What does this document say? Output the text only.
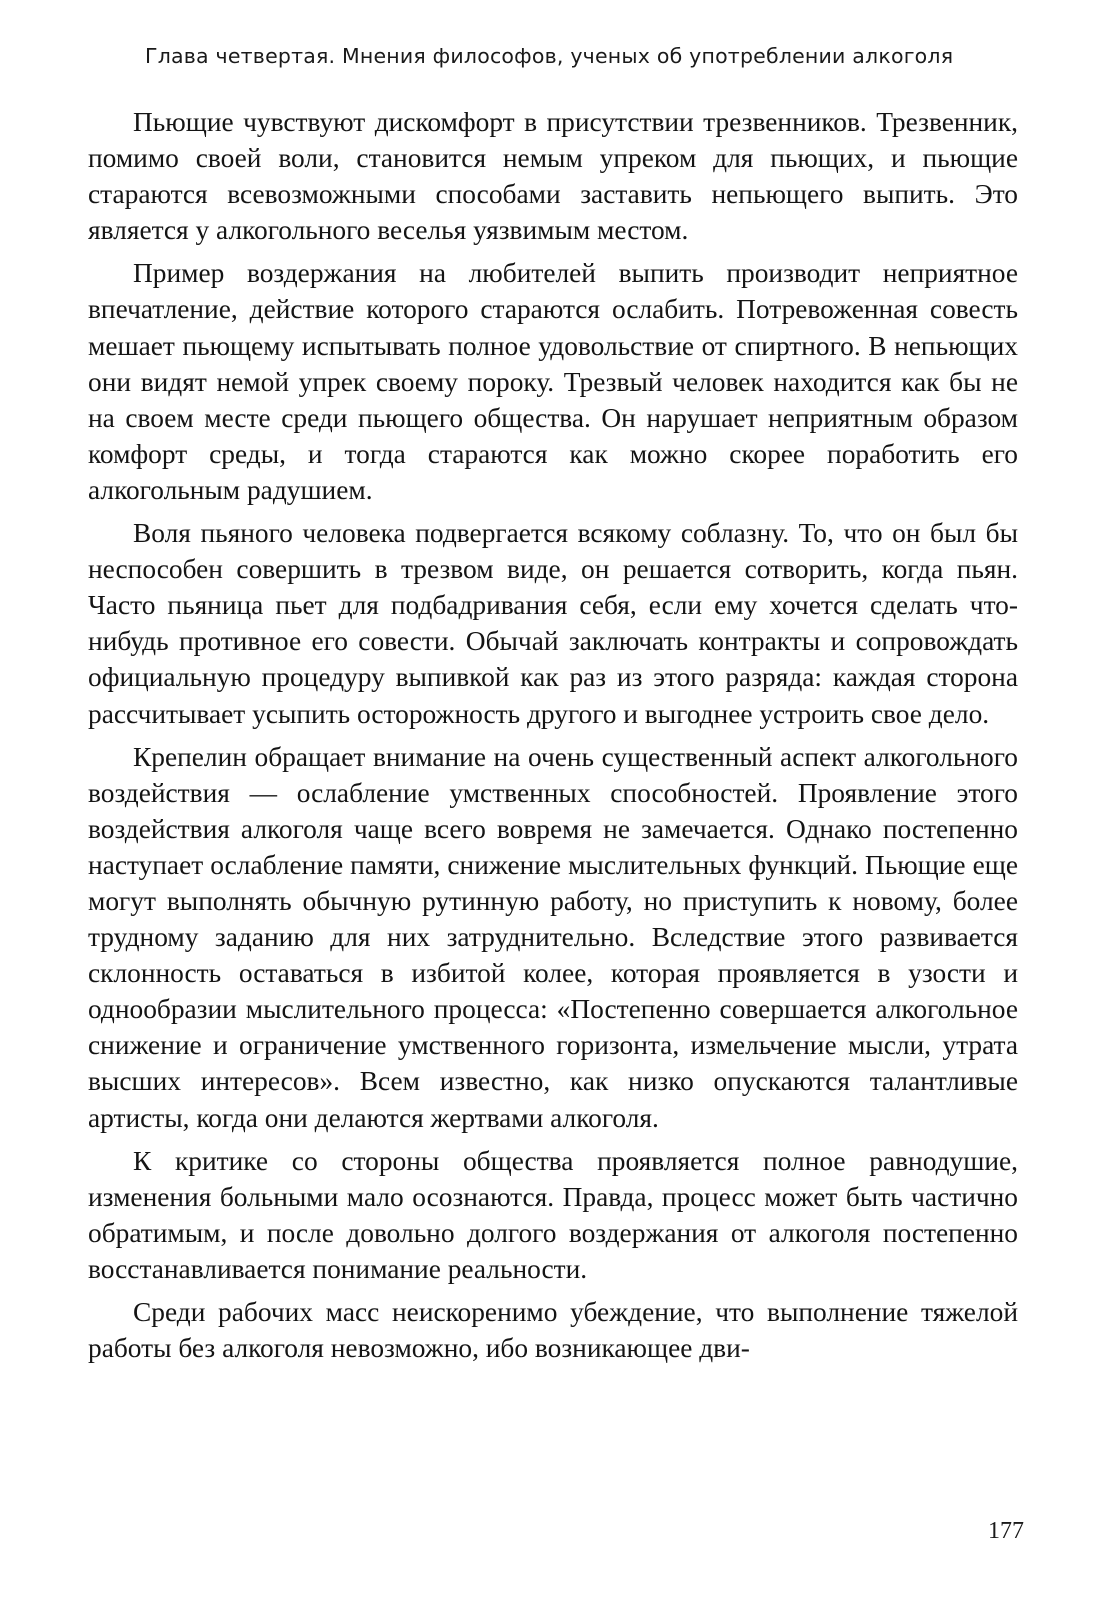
Глава четвертая. Мнения философов, ученых об употреблении алкоголя

Пьющие чувствуют дискомфорт в присутствии трезвенников. Трезвенник, помимо своей воли, становится немым упреком для пьющих, и пьющие стараются всевозможными способами заставить непьющего выпить. Это является у алкогольного веселья уязвимым местом.

Пример воздержания на любителей выпить производит неприятное впечатление, действие которого стараются ослабить. Потревоженная совесть мешает пьющему испытывать полное удовольствие от спиртного. В непьющих они видят немой упрек своему пороку. Трезвый человек находится как бы не на своем месте среди пьющего общества. Он нарушает неприятным образом комфорт среды, и тогда стараются как можно скорее поработить его алкогольным радушием.

Воля пьяного человека подвергается всякому соблазну. То, что он был бы неспособен совершить в трезвом виде, он решается сотворить, когда пьян. Часто пьяница пьет для подбадривания себя, если ему хочется сделать что-нибудь противное его совести. Обычай заключать контракты и сопровождать официальную процедуру выпивкой как раз из этого разряда: каждая сторона рассчитывает усыпить осторожность другого и выгоднее устроить свое дело.

Крепелин обращает внимание на очень существенный аспект алкогольного воздействия — ослабление умственных способностей. Проявление этого воздействия алкоголя чаще всего вовремя не замечается. Однако постепенно наступает ослабление памяти, снижение мыслительных функций. Пьющие еще могут выполнять обычную рутинную работу, но приступить к новому, более трудному заданию для них затруднительно. Вследствие этого развивается склонность оставаться в избитой колее, которая проявляется в узости и однообразии мыслительного процесса: «Постепенно совершается алкогольное снижение и ограничение умственного горизонта, измельчение мысли, утрата высших интересов». Всем известно, как низко опускаются талантливые артисты, когда они делаются жертвами алкоголя.

К критике со стороны общества проявляется полное равнодушие, изменения больными мало осознаются. Правда, процесс может быть частично обратимым, и после довольно долгого воздержания от алкоголя постепенно восстанавливается понимание реальности.

Среди рабочих масс неискоренимо убеждение, что выполнение тяжелой работы без алкоголя невозможно, ибо возникающее дви-

177
